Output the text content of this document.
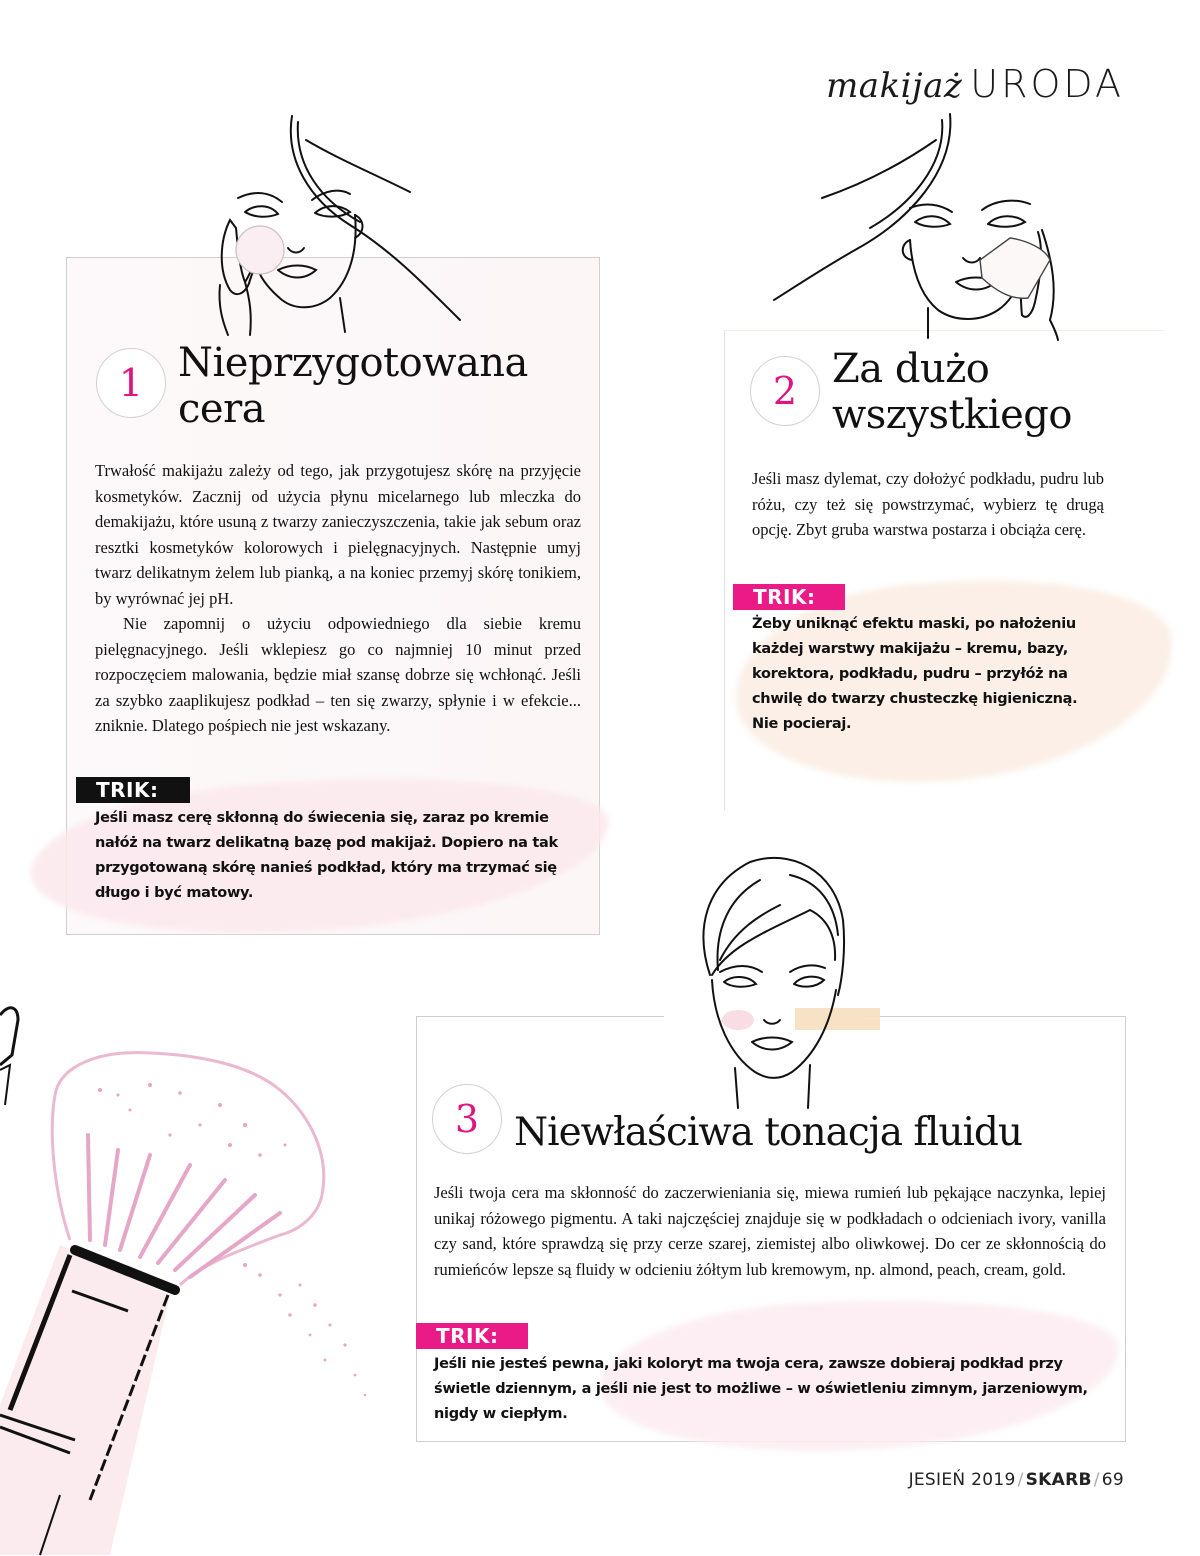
makijaż URODA
1 Nieprzygotowana
cera

Trwałość makijażu zależy od tego, jak przygotujesz skórę na przyjęcie kosmetyków. Zacznij od użycia płynu micelarnego lub mleczka do demakijażu, które usuną z twarzy zanieczyszczenia, takie jak sebum oraz resztki kosmetyków kolorowych i pielęgnacyjnych. Następnie umyj twarz delikatnym żelem lub pianką, a na koniec przemyj skórę tonikiem, by wyrównać jej pH.

Nie zapomnij o użyciu odpowiedniego dla siebie kremu pielęgnacyjnego. Jeśli wklepiesz go co najmniej 10 minut przed rozpoczęciem malowania, będzie miał szansę dobrze się wchłonąć. Jeśli za szybko zaaplikujesz podkład – ten się zwarzy, spłynie i w efekcie... zniknie. Dlatego pośpiech nie jest wskazany.

TRIK:
Jeśli masz cerę skłonną do świecenia się, zaraz po kremie nałóż na twarz delikatną bazę pod makijaż. Dopiero na tak przygotowaną skórę nanieś podkład, który ma trzymać się długo i być matowy.
2 Za dużo
wszystkiego

Jeśli masz dylemat, czy dołożyć podkładu, pudru lub różu, czy też się powstrzymać, wybierz tę drugą opcję. Zbyt gruba warstwa postarza i obciąża cerę.

TRIK:
Żeby uniknąć efektu maski, po nałożeniu każdej warstwy makijażu – kremu, bazy, korektora, podkładu, pudru – przyłóż na chwilę do twarzy chusteczkę higieniczną. Nie pocieraj.
3 Niewłaściwa tonacja fluidu

Jeśli twoja cera ma skłonność do zaczerwieniania się, miewa rumień lub pękające naczynka, lepiej unikaj różowego pigmentu. A taki najczęściej znajduje się w podkładach o odcieniach ivory, vanilla czy sand, które sprawdzą się przy cerze szarej, ziemistej albo oliwkowej. Do cer ze skłonnością do rumieńców lepsze są fluidy w odcieniu żółtym lub kremowym, np. almond, peach, cream, gold.

TRIK:
Jeśli nie jesteś pewna, jaki koloryt ma twoja cera, zawsze dobieraj podkład przy świetle dziennym, a jeśli nie jest to możliwe – w oświetleniu zimnym, jarzeniowym, nigdy w ciepłym.
JESIEŃ 2019 / SKARB / 69
